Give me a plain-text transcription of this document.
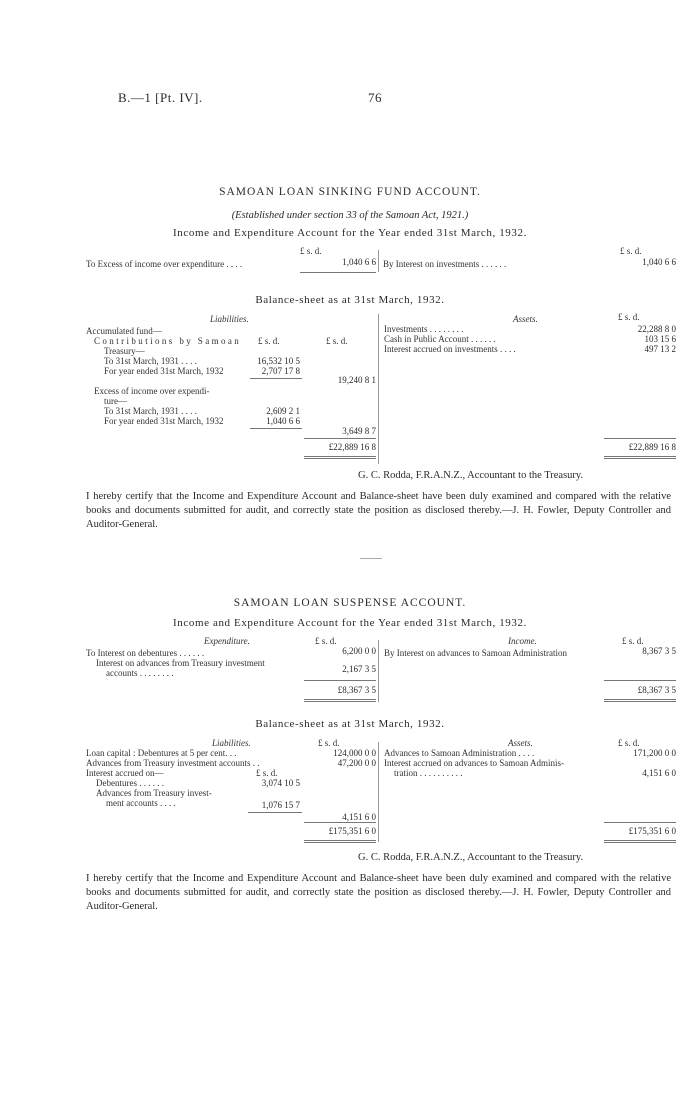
B.—1 [Pt. IV].	76
SAMOAN LOAN SINKING FUND ACCOUNT.
(Established under section 33 of the Samoan Act, 1921.)
Income and Expenditure Account for the Year ended 31st March, 1932.
£ s. d.	£ s. d.
To Excess of income over expenditure . . . .	1,040 6 6 By Interest on investments . . . . . .	1,040 6 6
Balance-sheet as at 31st March, 1932.
Liabilities.	Assets.	£ s. d.
Accumulated fund—
Contributions by Samoan £ s. d.	£ s. d.
Treasury—
To 31st March, 1931 . . . .	16,532 10 5
For year ended 31st March, 1932	2,707 17 8
19,240 8 1
Excess of income over expendi-
ture—
To 31st March, 1931 . . . .	2,609 2 1
For year ended 31st March, 1932	1,040 6 6
3,649 8 7
£22,889 16 8
Investments . . . . . . . .	22,288 8 0
Cash in Public Account . . . . . .	103 15 6
Interest accrued on investments . . . .	497 13 2
£22,889 16 8
G. C. Rodda, F.R.A.N.Z., Accountant to the Treasury.
I hereby certify that the Income and Expenditure Account and Balance-sheet have been duly examined and compared with the relative books and documents submitted for audit, and correctly state the position as disclosed thereby.—J. H. Fowler, Deputy Controller and Auditor-General.
SAMOAN LOAN SUSPENSE ACCOUNT.
Income and Expenditure Account for the Year ended 31st March, 1932.
Expenditure.	£ s. d.	Income.	£ s. d.
To Interest on debentures . . . . . .	6,200 0 0
Interest on advances from Treasury investment
accounts . . . . . . . .	2,167 3 5
£8,367 3 5
By Interest on advances to Samoan Administration	8,367 3 5
£8,367 3 5
Balance-sheet as at 31st March, 1932.
Liabilities.	£ s. d.	Assets.	£ s. d.
Loan capital : Debentures at 5 per cent. . .	124,000 0 0
Advances from Treasury investment accounts . .	47,200 0 0
Interest accrued on—	£ s. d.
Debentures . . . . . .	3,074 10 5
Advances from Treasury invest-
ment accounts . . . .	1,076 15 7
4,151 6 0
£175,351 6 0
Advances to Samoan Administration . . . .	171,200 0 0
Interest accrued on advances to Samoan Adminis-
tration . . . . . . . . . .	4,151 6 0
£175,351 6 0
G. C. Rodda, F.R.A.N.Z., Accountant to the Treasury.
I hereby certify that the Income and Expenditure Account and Balance-sheet have been duly examined and compared with the relative books and documents submitted for audit, and correctly state the position as disclosed thereby.—J. H. Fowler, Deputy Controller and Auditor-General.
